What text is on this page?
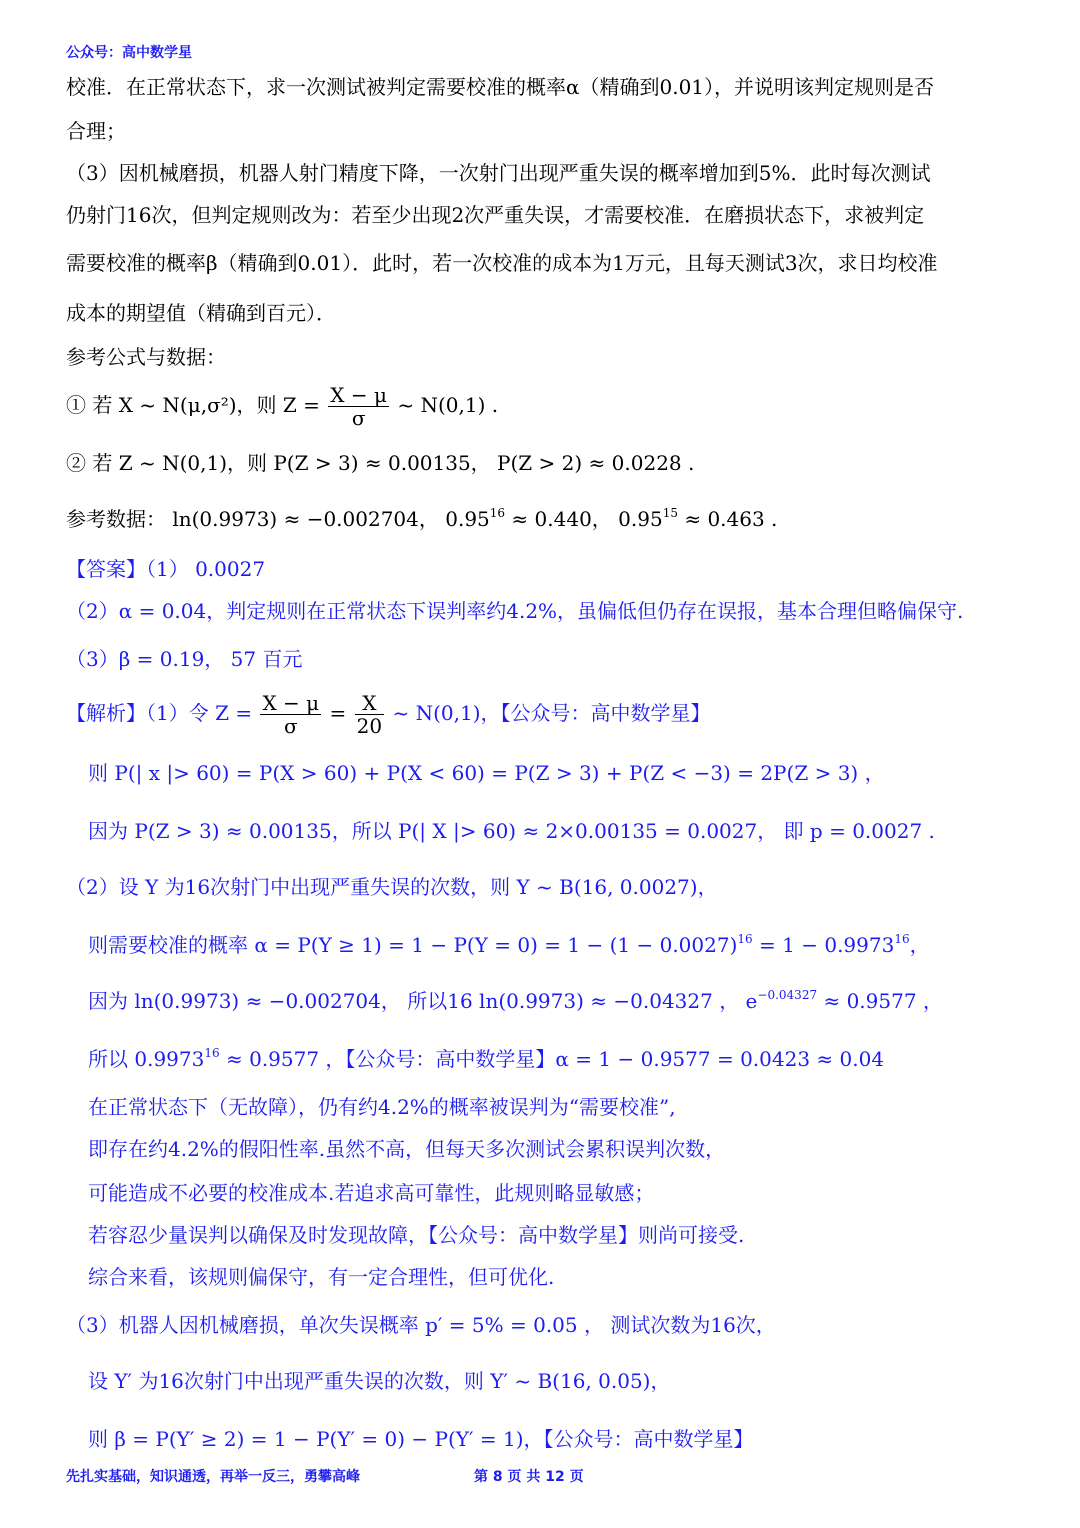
公众号：高中数学星
校准．在正常状态下，求一次测试被判定需要校准的概率α（精确到0.01），并说明该判定规则是否
合理；
（3）因机械磨损，机器人射门精度下降，一次射门出现严重失误的概率增加到5%．此时每次测试
仍射门16次，但判定规则改为：若至少出现2次严重失误，才需要校准．在磨损状态下，求被判定
需要校准的概率β（精确到0.01）．此时，若一次校准的成本为1万元，且每天测试3次，求日均校准
成本的期望值（精确到百元）．
参考公式与数据：
① 若 X ~ N(μ,σ²)，则 $Z = \frac{X - \mu}{\sigma}$ ~ N(0,1) .
② 若 Z ~ N(0,1)，则 P(Z > 3) ≈ 0.00135， P(Z > 2) ≈ 0.0228 .
参考数据： ln(0.9973) ≈ −0.002704， $0.95^{16} \approx 0.440$， $0.95^{15} \approx 0.463$ .
【答案】（1） 0.0027
（2）α = 0.04，判定规则在正常状态下误判率约4.2%，虽偏低但仍存在误报，基本合理但略偏保守.
（3）β = 0.19， 57 百元
【解析】（1）令 $Z = \frac{X - \mu}{\sigma} = \frac{X}{20}$ ~ N(0,1)，【公众号：高中数学星】
则 P(| x |> 60) = P(X > 60) + P(X < 60) = P(Z > 3) + P(Z < −3) = 2P(Z > 3) ，
因为 P(Z > 3) ≈ 0.00135，所以 P(| X |> 60) ≈ 2×0.00135 = 0.0027， 即 p = 0.0027 .
（2）设 Y 为16次射门中出现严重失误的次数，则 Y ~ B(16, 0.0027)，
则需要校准的概率 $\alpha = P(Y \ge 1) = 1 - P(Y = 0) = 1 - (1 - 0.0027)^{16} = 1 - 0.9973^{16}$，
因为 ln(0.9973) ≈ −0.002704， 所以16 ln(0.9973) ≈ −0.04327 ， $e^{-0.04327} \approx 0.9577$ ，
所以 $0.9973^{16} \approx 0.9577$ ，【公众号：高中数学星】α = 1 − 0.9577 = 0.0423 ≈ 0.04
在正常状态下（无故障），仍有约4.2%的概率被误判为“需要校准”,
即存在约4.2%的假阳性率.虽然不高，但每天多次测试会累积误判次数，
可能造成不必要的校准成本.若追求高可靠性，此规则略显敏感；
若容忍少量误判以确保及时发现故障，【公众号：高中数学星】则尚可接受.
综合来看，该规则偏保守，有一定合理性，但可优化.
（3）机器人因机械磨损，单次失误概率 p′ = 5% = 0.05 ， 测试次数为16次，
设 Y′ 为16次射门中出现严重失误的次数，则 Y′ ~ B(16, 0.05)，
则 β = P(Y′ ≥ 2) = 1 − P(Y′ = 0) − P(Y′ = 1)，【公众号：高中数学星】
先扎实基础，知识通透，再举一反三，勇攀高峰	第 8 页 共 12 页
